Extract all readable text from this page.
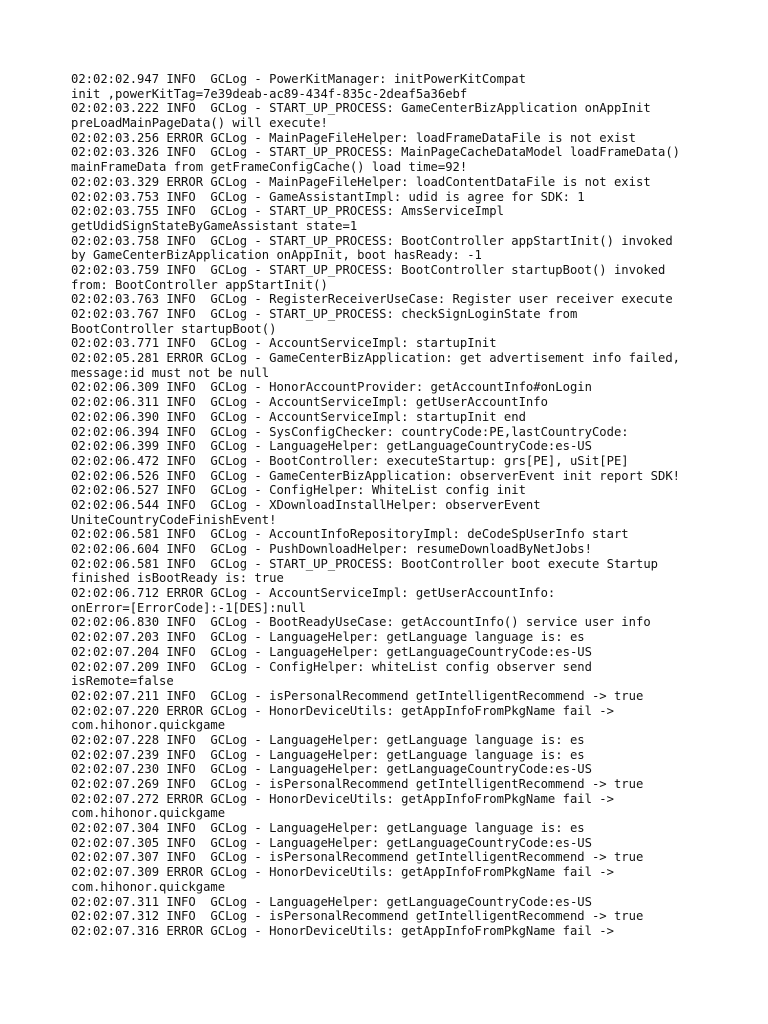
02:02:02.947 INFO  GCLog - PowerKitManager: initPowerKitCompat
init ,powerKitTag=7e39deab-ac89-434f-835c-2deaf5a36ebf
02:02:03.222 INFO  GCLog - START_UP_PROCESS: GameCenterBizApplication onAppInit
preLoadMainPageData() will execute!
02:02:03.256 ERROR GCLog - MainPageFileHelper: loadFrameDataFile is not exist
02:02:03.326 INFO  GCLog - START_UP_PROCESS: MainPageCacheDataModel loadFrameData()
mainFrameData from getFrameConfigCache() load time=92!
02:02:03.329 ERROR GCLog - MainPageFileHelper: loadContentDataFile is not exist
02:02:03.753 INFO  GCLog - GameAssistantImpl: udid is agree for SDK: 1
02:02:03.755 INFO  GCLog - START_UP_PROCESS: AmsServiceImpl
getUdidSignStateByGameAssistant state=1
02:02:03.758 INFO  GCLog - START_UP_PROCESS: BootController appStartInit() invoked
by GameCenterBizApplication onAppInit, boot hasReady: -1
02:02:03.759 INFO  GCLog - START_UP_PROCESS: BootController startupBoot() invoked
from: BootController appStartInit()
02:02:03.763 INFO  GCLog - RegisterReceiverUseCase: Register user receiver execute
02:02:03.767 INFO  GCLog - START_UP_PROCESS: checkSignLoginState from
BootController startupBoot()
02:02:03.771 INFO  GCLog - AccountServiceImpl: startupInit
02:02:05.281 ERROR GCLog - GameCenterBizApplication: get advertisement info failed,
message:id must not be null
02:02:06.309 INFO  GCLog - HonorAccountProvider: getAccountInfo#onLogin
02:02:06.311 INFO  GCLog - AccountServiceImpl: getUserAccountInfo
02:02:06.390 INFO  GCLog - AccountServiceImpl: startupInit end
02:02:06.394 INFO  GCLog - SysConfigChecker: countryCode:PE,lastCountryCode:
02:02:06.399 INFO  GCLog - LanguageHelper: getLanguageCountryCode:es-US
02:02:06.472 INFO  GCLog - BootController: executeStartup: grs[PE], uSit[PE]
02:02:06.526 INFO  GCLog - GameCenterBizApplication: observerEvent init report SDK!
02:02:06.527 INFO  GCLog - ConfigHelper: WhiteList config init
02:02:06.544 INFO  GCLog - XDownloadInstallHelper: observerEvent
UniteCountryCodeFinishEvent!
02:02:06.581 INFO  GCLog - AccountInfoRepositoryImpl: deCodeSpUserInfo start
02:02:06.604 INFO  GCLog - PushDownloadHelper: resumeDownloadByNetJobs!
02:02:06.581 INFO  GCLog - START_UP_PROCESS: BootController boot execute Startup
finished isBootReady is: true
02:02:06.712 ERROR GCLog - AccountServiceImpl: getUserAccountInfo:
onError=[ErrorCode]:-1[DES]:null
02:02:06.830 INFO  GCLog - BootReadyUseCase: getAccountInfo() service user info
02:02:07.203 INFO  GCLog - LanguageHelper: getLanguage language is: es
02:02:07.204 INFO  GCLog - LanguageHelper: getLanguageCountryCode:es-US
02:02:07.209 INFO  GCLog - ConfigHelper: whiteList config observer send
isRemote=false
02:02:07.211 INFO  GCLog - isPersonalRecommend getIntelligentRecommend -> true
02:02:07.220 ERROR GCLog - HonorDeviceUtils: getAppInfoFromPkgName fail ->
com.hihonor.quickgame
02:02:07.228 INFO  GCLog - LanguageHelper: getLanguage language is: es
02:02:07.239 INFO  GCLog - LanguageHelper: getLanguage language is: es
02:02:07.230 INFO  GCLog - LanguageHelper: getLanguageCountryCode:es-US
02:02:07.269 INFO  GCLog - isPersonalRecommend getIntelligentRecommend -> true
02:02:07.272 ERROR GCLog - HonorDeviceUtils: getAppInfoFromPkgName fail ->
com.hihonor.quickgame
02:02:07.304 INFO  GCLog - LanguageHelper: getLanguage language is: es
02:02:07.305 INFO  GCLog - LanguageHelper: getLanguageCountryCode:es-US
02:02:07.307 INFO  GCLog - isPersonalRecommend getIntelligentRecommend -> true
02:02:07.309 ERROR GCLog - HonorDeviceUtils: getAppInfoFromPkgName fail ->
com.hihonor.quickgame
02:02:07.311 INFO  GCLog - LanguageHelper: getLanguageCountryCode:es-US
02:02:07.312 INFO  GCLog - isPersonalRecommend getIntelligentRecommend -> true
02:02:07.316 ERROR GCLog - HonorDeviceUtils: getAppInfoFromPkgName fail ->
